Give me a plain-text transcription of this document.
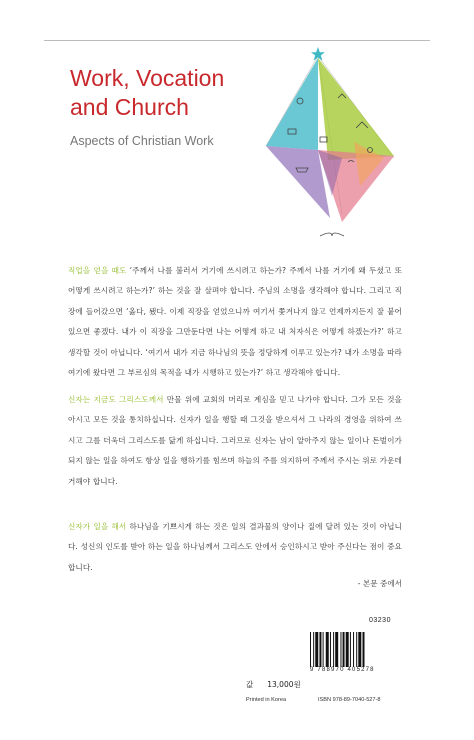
Work, Vocation
and Church
Aspects of Christian Work

직업을 얻을 때도 ‘주께서 나를 불러서 거기에 쓰시려고 하는가? 주께서 나를 거기에 왜 두셨고 또 어떻게 쓰시려고 하는가?’ 하는 것을 잘 살펴야 합니다. 주님의 소명을 생각해야 합니다. 그리고 직장에 들어갔으면 ‘옳다, 됐다. 이제 직장을 얻었으니까 여기서 쫓겨나지 않고 언제까지든지 잘 붙어 있으면 좋겠다. 내가 이 직장을 그만둔다면 나는 어떻게 하고 내 처자식은 어떻게 하겠는가?’ 하고 생각할 것이 아닙니다. ‘여기서 내가 지금 하나님의 뜻을 정당하게 이루고 있는가? 내가 소명을 따라 여기에 왔다면 그 부르심의 목적을 내가 시행하고 있는가?’ 하고 생각해야 합니다.

신자는 지금도 그리스도께서 만물 위에 교회의 머리로 계심을 믿고 나가야 합니다. 그가 모든 것을 아시고 모든 것을 통치하십니다. 신자가 일을 행할 때 그것을 받으셔서 그 나라의 경영을 위하여 쓰시고 그를 더욱더 그리스도를 닮게 하십니다. 그러므로 신자는 남이 알아주지 않는 일이나 돈벌이가 되지 않는 일을 하여도 항상 일을 행하기를 힘쓰며 하늘의 주를 의지하여 주께서 주시는 위로 가운데 거해야 합니다.

신자가 일을 해서 하나님을 기쁘시게 하는 것은 일의 결과물의 양이나 질에 달려 있는 것이 아닙니다. 성신의 인도를 받아 하는 일을 하나님께서 그리스도 안에서 승인하시고 받아 주신다는 점이 중요합니다.

- 본문 중에서
03230
9 788970 405278
값 13,000원
Printed in Korea	ISBN 978-89-7040-527-8
